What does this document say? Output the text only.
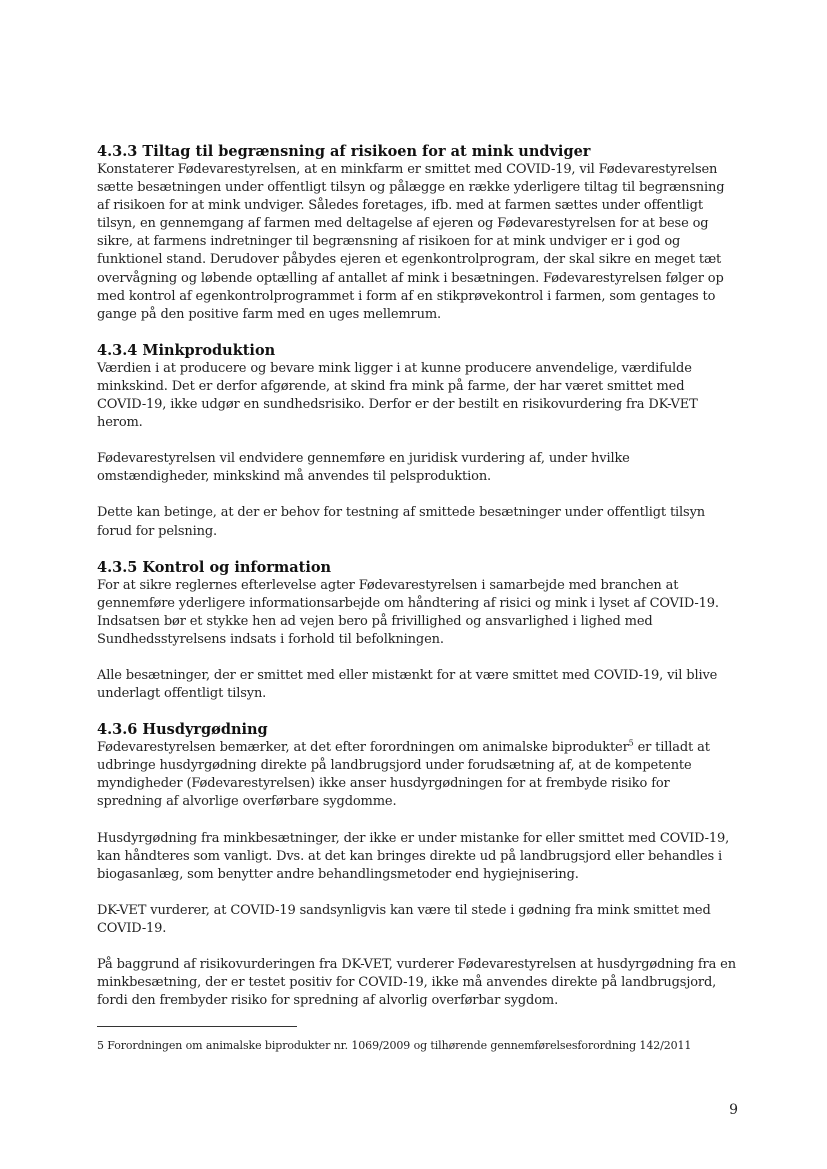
4.3.3 Tiltag til begrænsning af risikoen for at mink undviger

Konstaterer Fødevarestyrelsen, at en minkfarm er smittet med COVID-19, vil Fødevarestyrelsen sætte besætningen under offentligt tilsyn og pålægge en række yderligere tiltag til begrænsning af risikoen for at mink undviger. Således foretages, ifb. med at farmen sættes under offentligt tilsyn, en gennemgang af farmen med deltagelse af ejeren og Fødevarestyrelsen for at bese og sikre, at farmens indretninger til begrænsning af risikoen for at mink undviger er i god og funktionel stand. Derudover påbydes ejeren et egenkontrolprogram, der skal sikre en meget tæt overvågning og løbende optælling af antallet af mink i besætningen. Fødevarestyrelsen følger op med kontrol af egenkontrolprogrammet i form af en stikprøvekontrol i farmen, som gentages to gange på den positive farm med en uges mellemrum.

4.3.4 Minkproduktion

Værdien i at producere og bevare mink ligger i at kunne producere anvendelige, værdifulde minkskind. Det er derfor afgørende, at skind fra mink på farme, der har været smittet med COVID-19, ikke udgør en sundhedsrisiko. Derfor er der bestilt en risikovurdering fra DK-VET herom.

Fødevarestyrelsen vil endvidere gennemføre en juridisk vurdering af, under hvilke omstændigheder, minkskind må anvendes til pelsproduktion.

Dette kan betinge, at der er behov for testning af smittede besætninger under offentligt tilsyn forud for pelsning.

4.3.5 Kontrol og information

For at sikre reglernes efterlevelse agter Fødevarestyrelsen i samarbejde med branchen at gennemføre yderligere informationsarbejde om håndtering af risici og mink i lyset af COVID-19. Indsatsen bør et stykke hen ad vejen bero på frivillighed og ansvarlighed i lighed med Sundhedsstyrelsens indsats i forhold til befolkningen.

Alle besætninger, der er smittet med eller mistænkt for at være smittet med COVID-19, vil blive underlagt offentligt tilsyn.

4.3.6 Husdyrgødning

Fødevarestyrelsen bemærker, at det efter forordningen om animalske biprodukter$^5$ er tilladt at udbringe husdyrgødning direkte på landbrugsjord under forudsætning af, at de kompetente myndigheder (Fødevarestyrelsen) ikke anser husdyrgødningen for at frembyde risiko for spredning af alvorlige overførbare sygdomme.

Husdyrgødning fra minkbesætninger, der ikke er under mistanke for eller smittet med COVID-19, kan håndteres som vanligt. Dvs. at det kan bringes direkte ud på landbrugsjord eller behandles i biogasanlæg, som benytter andre behandlingsmetoder end hygiejnisering.

DK-VET vurderer, at COVID-19 sandsynligvis kan være til stede i gødning fra mink smittet med COVID-19.

På baggrund af risikovurderingen fra DK-VET, vurderer Fødevarestyrelsen at husdyrgødning fra en minkbesætning, der er testet positiv for COVID-19, ikke må anvendes direkte på landbrugsjord, fordi den frembyder risiko for spredning af alvorlig overførbar sygdom.

5 Forordningen om animalske biprodukter nr. 1069/2009 og tilhørende gennemførelsesforordning 142/2011
9
